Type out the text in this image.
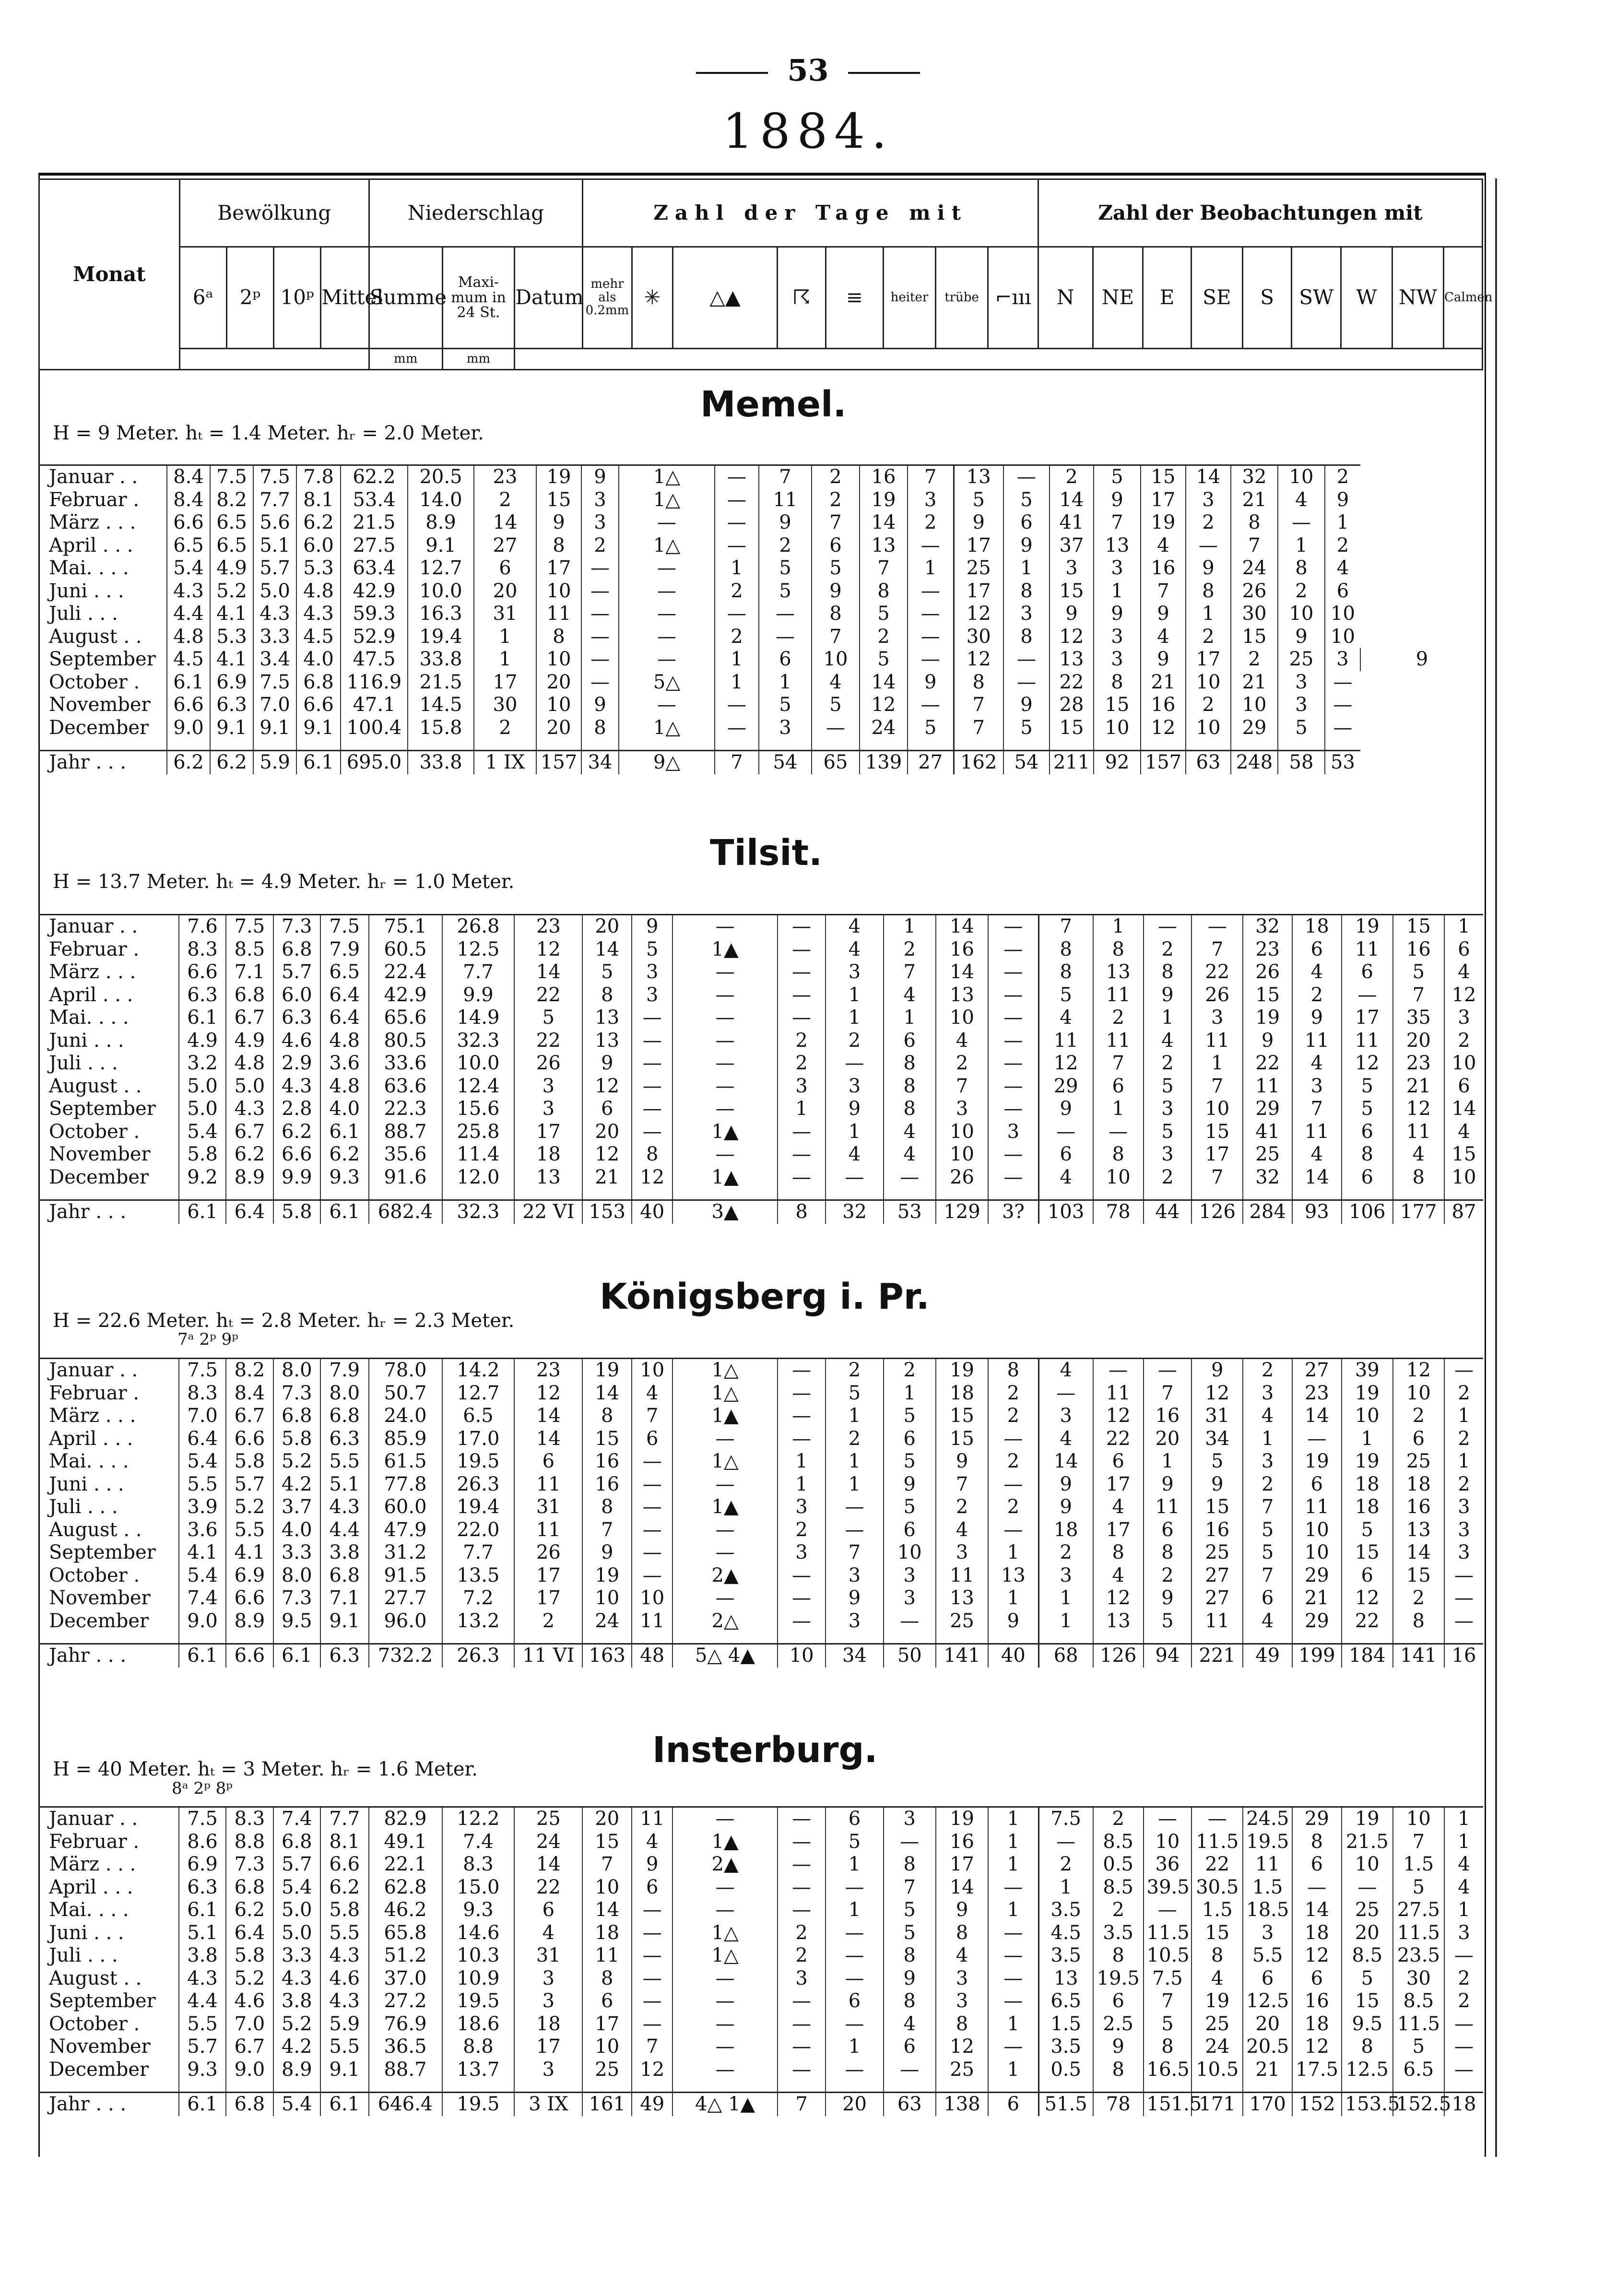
53
1884.
Monat	Bewölkung				Niederschlag			Zahl der Tage mit								Zahl der Beobachtungen mit								
	6ᵃ	2ᵖ	10ᵖ	Mittel	Summe	Maxi-mum in 24 St.	Datum	mehr als 0.2mm	✳	△▲	☈	≡	heiter	trübe	⌐ııı	N	NE	E	SE	S	SW	W	NW	Calmen
					mm	mm																		
Memel.
H = 9 Meter. hₜ = 1.4 Meter. hᵣ = 2.0 Meter.
Tilsit.
H = 13.7 Meter. hₜ = 4.9 Meter. hᵣ = 1.0 Meter.
Königsberg i. Pr.
H = 22.6 Meter. hₜ = 2.8 Meter. hᵣ = 2.3 Meter.
7ᵃ 2ᵖ 9ᵖ
Insterburg.
H = 40 Meter. hₜ = 3 Meter. hᵣ = 1.6 Meter.
8ᵃ 2ᵖ 8ᵖ
Januar . .	8.4	7.5	7.5	7.8	62.2	20.5	23	19	9	1△	—	7	2	16	7	13	—	2	5	15	14	32	10	2	
Februar .	8.4	8.2	7.7	8.1	53.4	14.0	2	15	3	1△	—	11	2	19	3	5	5	14	9	17	3	21	4	9	
März . . .	6.6	6.5	5.6	6.2	21.5	8.9	14	9	3	—	—	9	7	14	2	9	6	41	7	19	2	8	—	1	
April . . .	6.5	6.5	5.1	6.0	27.5	9.1	27	8	2	1△	—	2	6	13	—	17	9	37	13	4	—	7	1	2	
Mai. . . .	5.4	4.9	5.7	5.3	63.4	12.7	6	17	—	—	1	5	5	7	1	25	1	3	3	16	9	24	8	4	
Juni . . .	4.3	5.2	5.0	4.8	42.9	10.0	20	10	—	—	2	5	9	8	—	17	8	15	1	7	8	26	2	6	
Juli . . .	4.4	4.1	4.3	4.3	59.3	16.3	31	11	—	—	—	—	8	5	—	12	3	9	9	9	1	30	10	10	
August . .	4.8	5.3	3.3	4.5	52.9	19.4	1	8	—	—	2	—	7	2	—	30	8	12	3	4	2	15	9	10	
September	4.5	4.1	3.4	4.0	47.5	33.8	1	10	—	—	1	6	10	5	—	12	—	13	3	9	17	2	25	3	9
October .	6.1	6.9	7.5	6.8	116.9	21.5	17	20	—	5△	1	1	4	14	9	8	—	22	8	21	10	21	3	—	
November	6.6	6.3	7.0	6.6	47.1	14.5	30	10	9	—	—	5	5	12	—	7	9	28	15	16	2	10	3	—	
December	9.0	9.1	9.1	9.1	100.4	15.8	2	20	8	1△	—	3	—	24	5	7	5	15	10	12	10	29	5	—	

Jahr . . .	6.2	6.2	5.9	6.1	695.0	33.8	1 IX	157	34	9△	7	54	65	139	27	162	54	211	92	157	63	248	58	53	
Januar . .	7.6	7.5	7.3	7.5	75.1	26.8	23	20	9	—	—	4	1	14	—	7	1	—	—	32	18	19	15	1
Februar .	8.3	8.5	6.8	7.9	60.5	12.5	12	14	5	1▲	—	4	2	16	—	8	8	2	7	23	6	11	16	6
März . . .	6.6	7.1	5.7	6.5	22.4	7.7	14	5	3	—	—	3	7	14	—	8	13	8	22	26	4	6	5	4
April . . .	6.3	6.8	6.0	6.4	42.9	9.9	22	8	3	—	—	1	4	13	—	5	11	9	26	15	2	—	7	12
Mai. . . .	6.1	6.7	6.3	6.4	65.6	14.9	5	13	—	—	—	1	1	10	—	4	2	1	3	19	9	17	35	3
Juni . . .	4.9	4.9	4.6	4.8	80.5	32.3	22	13	—	—	2	2	6	4	—	11	11	4	11	9	11	11	20	2
Juli . . .	3.2	4.8	2.9	3.6	33.6	10.0	26	9	—	—	2	—	8	2	—	12	7	2	1	22	4	12	23	10
August . .	5.0	5.0	4.3	4.8	63.6	12.4	3	12	—	—	3	3	8	7	—	29	6	5	7	11	3	5	21	6
September	5.0	4.3	2.8	4.0	22.3	15.6	3	6	—	—	1	9	8	3	—	9	1	3	10	29	7	5	12	14
October .	5.4	6.7	6.2	6.1	88.7	25.8	17	20	—	1▲	—	1	4	10	3	—	—	5	15	41	11	6	11	4
November	5.8	6.2	6.6	6.2	35.6	11.4	18	12	8	—	—	4	4	10	—	6	8	3	17	25	4	8	4	15
December	9.2	8.9	9.9	9.3	91.6	12.0	13	21	12	1▲	—	—	—	26	—	4	10	2	7	32	14	6	8	10

Jahr . . .	6.1	6.4	5.8	6.1	682.4	32.3	22 VI	153	40	3▲	8	32	53	129	3?	103	78	44	126	284	93	106	177	87
Januar . .	7.5	8.2	8.0	7.9	78.0	14.2	23	19	10	1△	—	2	2	19	8	4	—	—	9	2	27	39	12	—
Februar .	8.3	8.4	7.3	8.0	50.7	12.7	12	14	4	1△	—	5	1	18	2	—	11	7	12	3	23	19	10	2
März . . .	7.0	6.7	6.8	6.8	24.0	6.5	14	8	7	1▲	—	1	5	15	2	3	12	16	31	4	14	10	2	1
April . . .	6.4	6.6	5.8	6.3	85.9	17.0	14	15	6	—	—	2	6	15	—	4	22	20	34	1	—	1	6	2
Mai. . . .	5.4	5.8	5.2	5.5	61.5	19.5	6	16	—	1△	1	1	5	9	2	14	6	1	5	3	19	19	25	1
Juni . . .	5.5	5.7	4.2	5.1	77.8	26.3	11	16	—	—	1	1	9	7	—	9	17	9	9	2	6	18	18	2
Juli . . .	3.9	5.2	3.7	4.3	60.0	19.4	31	8	—	1▲	3	—	5	2	2	9	4	11	15	7	11	18	16	3
August . .	3.6	5.5	4.0	4.4	47.9	22.0	11	7	—	—	2	—	6	4	—	18	17	6	16	5	10	5	13	3
September	4.1	4.1	3.3	3.8	31.2	7.7	26	9	—	—	3	7	10	3	1	2	8	8	25	5	10	15	14	3
October .	5.4	6.9	8.0	6.8	91.5	13.5	17	19	—	2▲	—	3	3	11	13	3	4	2	27	7	29	6	15	—
November	7.4	6.6	7.3	7.1	27.7	7.2	17	10	10	—	—	9	3	13	1	1	12	9	27	6	21	12	2	—
December	9.0	8.9	9.5	9.1	96.0	13.2	2	24	11	2△	—	3	—	25	9	1	13	5	11	4	29	22	8	—

Jahr . . .	6.1	6.6	6.1	6.3	732.2	26.3	11 VI	163	48	5△ 4▲	10	34	50	141	40	68	126	94	221	49	199	184	141	16
Januar . .	7.5	8.3	7.4	7.7	82.9	12.2	25	20	11	—	—	6	3	19	1	7.5	2	—	—	24.5	29	19	10	1
Februar .	8.6	8.8	6.8	8.1	49.1	7.4	24	15	4	1▲	—	5	—	16	1	—	8.5	10	11.5	19.5	8	21.5	7	1
März . . .	6.9	7.3	5.7	6.6	22.1	8.3	14	7	9	2▲	—	1	8	17	1	2	0.5	36	22	11	6	10	1.5	4
April . . .	6.3	6.8	5.4	6.2	62.8	15.0	22	10	6	—	—	—	7	14	—	1	8.5	39.5	30.5	1.5	—	—	5	4
Mai. . . .	6.1	6.2	5.0	5.8	46.2	9.3	6	14	—	—	—	1	5	9	1	3.5	2	—	1.5	18.5	14	25	27.5	1
Juni . . .	5.1	6.4	5.0	5.5	65.8	14.6	4	18	—	1△	2	—	5	8	—	4.5	3.5	11.5	15	3	18	20	11.5	3
Juli . . .	3.8	5.8	3.3	4.3	51.2	10.3	31	11	—	1△	2	—	8	4	—	3.5	8	10.5	8	5.5	12	8.5	23.5	—
August . .	4.3	5.2	4.3	4.6	37.0	10.9	3	8	—	—	3	—	9	3	—	13	19.5	7.5	4	6	6	5	30	2
September	4.4	4.6	3.8	4.3	27.2	19.5	3	6	—	—	—	6	8	3	—	6.5	6	7	19	12.5	16	15	8.5	2
October .	5.5	7.0	5.2	5.9	76.9	18.6	18	17	—	—	—	—	4	8	1	1.5	2.5	5	25	20	18	9.5	11.5	—
November	5.7	6.7	4.2	5.5	36.5	8.8	17	10	7	—	—	1	6	12	—	3.5	9	8	24	20.5	12	8	5	—
December	9.3	9.0	8.9	9.1	88.7	13.7	3	25	12	—	—	—	—	25	1	0.5	8	16.5	10.5	21	17.5	12.5	6.5	—

Jahr . . .	6.1	6.8	5.4	6.1	646.4	19.5	3 IX	161	49	4△ 1▲	7	20	63	138	6	51.5	78	151.5	171	170	152	153.5	152.5	18
